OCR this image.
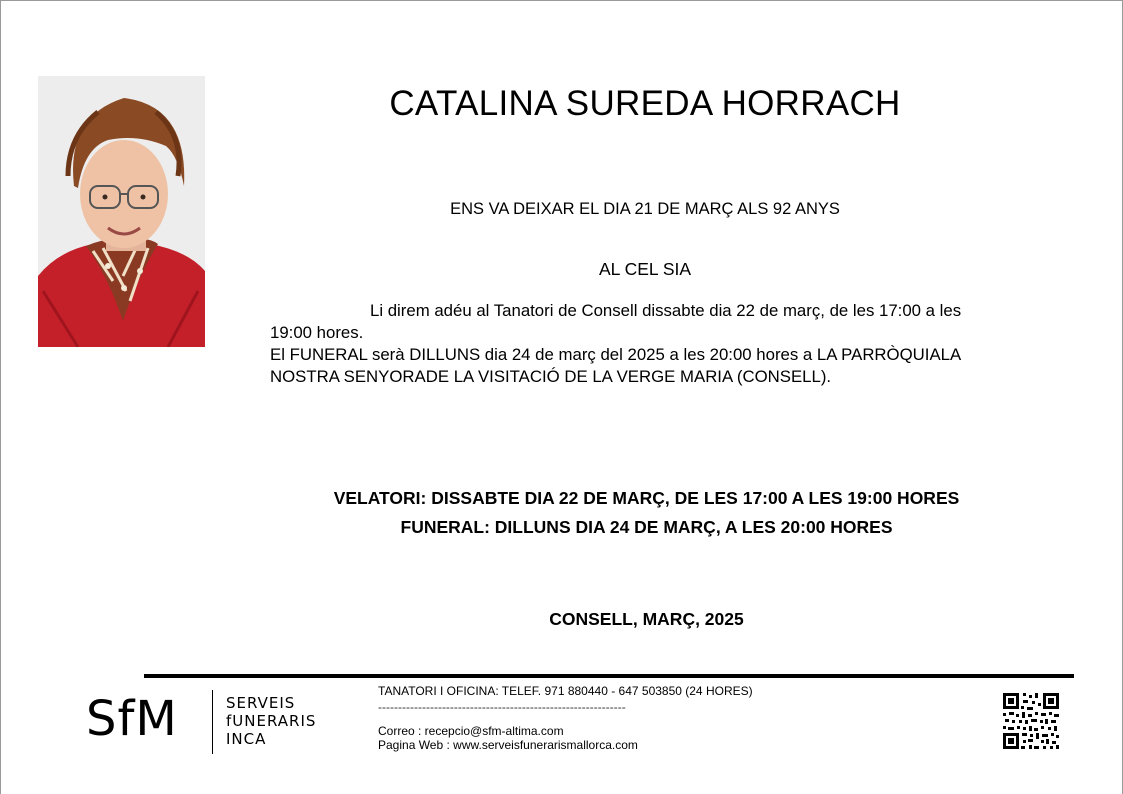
CATALINA SUREDA HORRACH
ENS VA DEIXAR EL DIA 21 DE MARÇ ALS 92 ANYS
AL CEL SIA

Li direm adéu al Tanatori de Consell dissabte dia 22 de març, de les 17:00 a les

19:00 hores.

El FUNERAL serà DILLUNS dia 24 de març del 2025 a les 20:00 hores a LA PARRÒQUIALA

NOSTRA SENYORADE LA VISITACIÓ DE LA VERGE MARIA (CONSELL).

VELATORI: DISSABTE DIA 22 DE MARÇ, DE LES 17:00 A LES 19:00 HORES
FUNERAL: DILLUNS DIA 24 DE MARÇ, A LES 20:00 HORES
CONSELL, MARÇ, 2025
SfM	SERVEIS
fUNERARIS
INCA
TANATORI I OFICINA: TELEF. 971 880440 - 647 503850 (24 HORES)
--------------------------------------------------------------
Correo : recepcio@sfm-altima.com
Pagina Web : www.serveisfunerarismallorca.com
